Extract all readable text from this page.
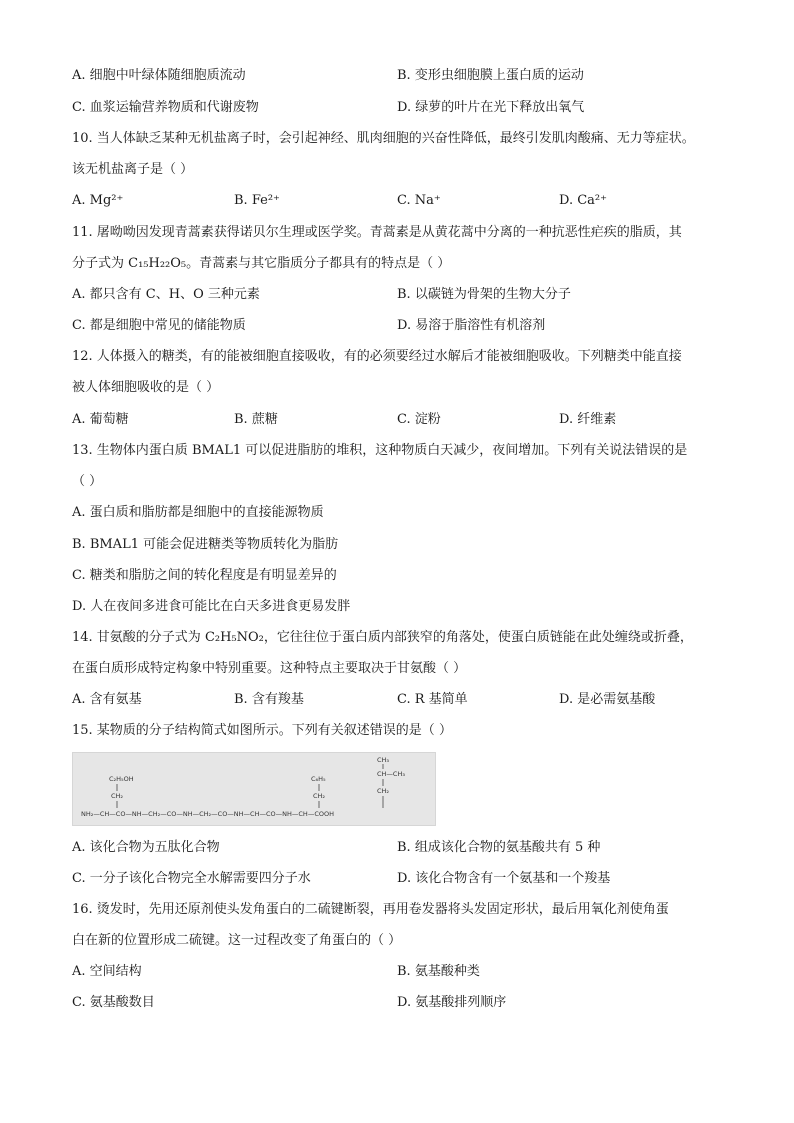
A. 细胞中叶绿体随细胞质流动	B. 变形虫细胞膜上蛋白质的运动
C. 血浆运输营养物质和代谢废物	D. 绿萝的叶片在光下释放出氧气
10. 当人体缺乏某种无机盐离子时，会引起神经、肌肉细胞的兴奋性降低，最终引发肌肉酸痛、无力等症状。
该无机盐离子是（ ）
A. Mg²⁺	B. Fe²⁺	C. Na⁺	D. Ca²⁺
11. 屠呦呦因发现青蒿素获得诺贝尔生理或医学奖。青蒿素是从黄花蒿中分离的一种抗恶性疟疾的脂质，其
分子式为 C₁₅H₂₂O₅。青蒿素与其它脂质分子都具有的特点是（ ）
A. 都只含有 C、H、O 三种元素	B. 以碳链为骨架的生物大分子
C. 都是细胞中常见的储能物质	D. 易溶于脂溶性有机溶剂
12. 人体摄入的糖类，有的能被细胞直接吸收，有的必须要经过水解后才能被细胞吸收。下列糖类中能直接
被人体细胞吸收的是（ ）
A. 葡萄糖	B. 蔗糖	C. 淀粉	D. 纤维素
13. 生物体内蛋白质 BMAL1 可以促进脂肪的堆积，这种物质白天减少，夜间增加。下列有关说法错误的是
（ ）
A. 蛋白质和脂肪都是细胞中的直接能源物质
B. BMAL1 可能会促进糖类等物质转化为脂肪
C. 糖类和脂肪之间的转化程度是有明显差异的
D. 人在夜间多进食可能比在白天多进食更易发胖
14. 甘氨酸的分子式为 C₂H₅NO₂，它往往位于蛋白质内部狭窄的角落处，使蛋白质链能在此处缠绕或折叠，
在蛋白质形成特定构象中特别重要。这种特点主要取决于甘氨酸（ ）
A. 含有氨基	B. 含有羧基	C. R 基简单	D. 是必需氨基酸
15. 某物质的分子结构简式如图所示。下列有关叙述错误的是（ ）
C₂H₅OH
CH₂
C₆H₅
CH₂
CH₃
CH—CH₃
CH₂
NH₂—CH—CO—NH—CH₂—CO—NH—CH₂—CO—NH—CH—CO—NH—CH—COOH
A. 该化合物为五肽化合物	B. 组成该化合物的氨基酸共有 5 种
C. 一分子该化合物完全水解需要四分子水	D. 该化合物含有一个氨基和一个羧基
16. 烫发时，先用还原剂使头发角蛋白的二硫键断裂，再用卷发器将头发固定形状，最后用氧化剂使角蛋
白在新的位置形成二硫键。这一过程改变了角蛋白的（ ）
A. 空间结构	B. 氨基酸种类
C. 氨基酸数目	D. 氨基酸排列顺序
